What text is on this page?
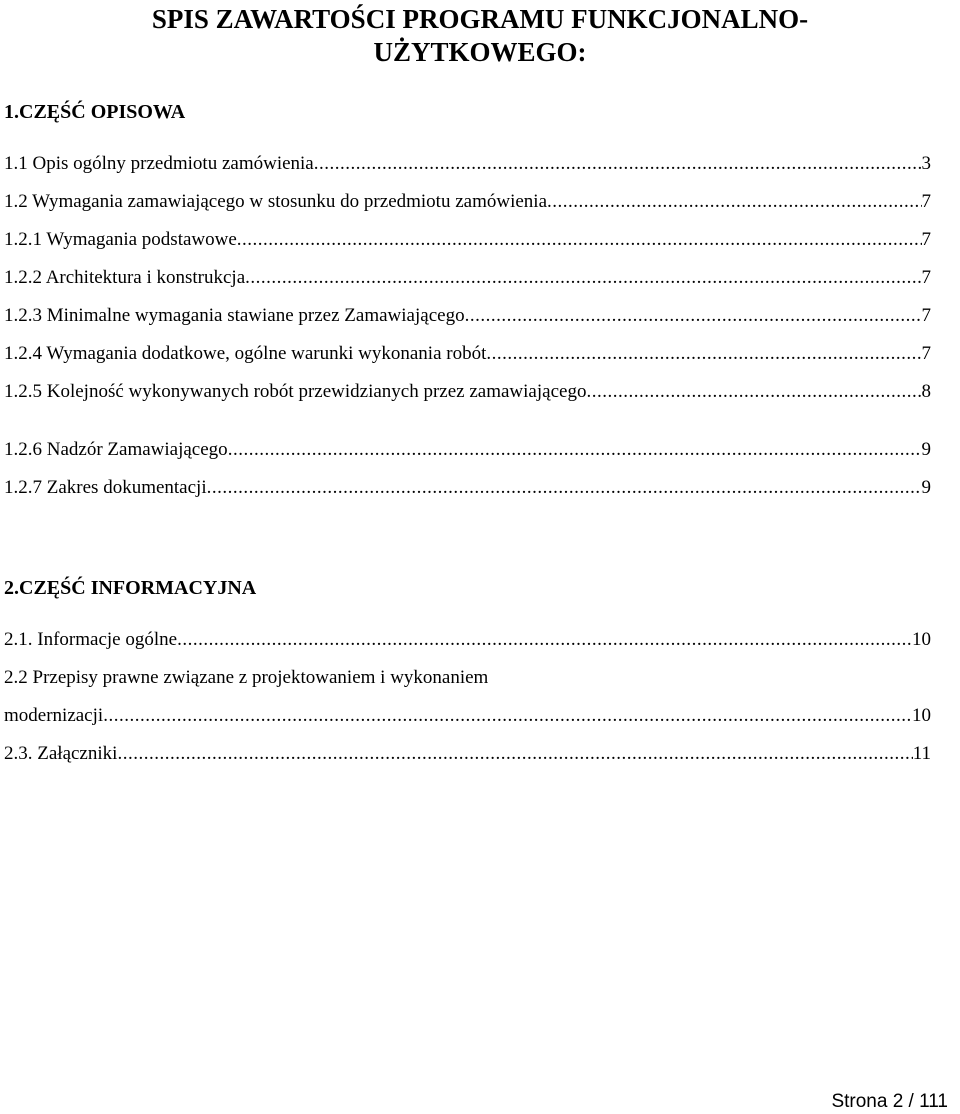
SPIS ZAWARTOŚCI PROGRAMU FUNKCJONALNO-
UŻYTKOWEGO:
1.CZĘŚĆ OPISOWA
1.1 Opis ogólny przedmiotu zamówienia .....	3
1.2 Wymagania zamawiającego w stosunku do przedmiotu zamówienia .....	7
1.2.1 Wymagania podstawowe .....	7
1.2.2 Architektura i konstrukcja .....	7
1.2.3 Minimalne wymagania stawiane przez Zamawiającego .....	7
1.2.4 Wymagania dodatkowe, ogólne warunki wykonania robót .....	7
1.2.5 Kolejność wykonywanych robót przewidzianych przez zamawiającego .....	8
1.2.6 Nadzór Zamawiającego .....	9
1.2.7 Zakres dokumentacji .....	9
2.CZĘŚĆ INFORMACYJNA
2.1. Informacje ogólne .....	10
2.2 Przepisy prawne związane z projektowaniem i wykonaniem
modernizacji .....	10
2.3. Załączniki .....	11
Strona 2 / 111
